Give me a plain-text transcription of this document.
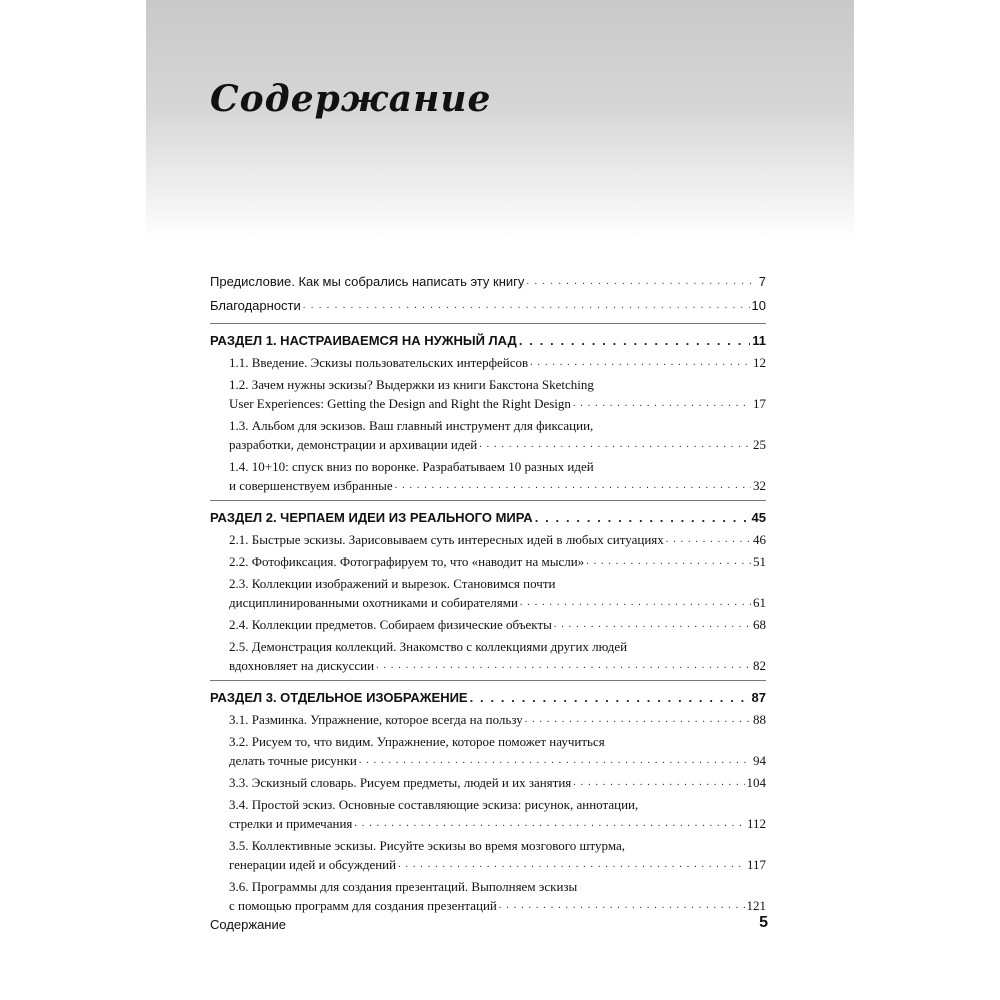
Содержание
Предисловие. Как мы собрались написать эту книгу . . .	7
Благодарности . . .	10
РАЗДЕЛ 1. НАСТРАИВАЕМСЯ НА НУЖНЫЙ ЛАД . . .	11
1.1. Введение. Эскизы пользовательских интерфейсов . . .	12
1.2. Зачем нужны эскизы? Выдержки из книги Бакстона Sketching
User Experiences: Getting the Design and Right the Right Design . . .	17
1.3. Альбом для эскизов. Ваш главный инструмент для фиксации,
разработки, демонстрации и архивации идей . . .	25
1.4. 10+10: спуск вниз по воронке. Разрабатываем 10 разных идей
и совершенствуем избранные . . .	32
РАЗДЕЛ 2. ЧЕРПАЕМ ИДЕИ ИЗ РЕАЛЬНОГО МИРА . . .	45
2.1. Быстрые эскизы. Зарисовываем суть интересных идей в любых ситуациях . . .	46
2.2. Фотофиксация. Фотографируем то, что «наводит на мысли» . . .	51
2.3. Коллекции изображений и вырезок. Становимся почти
дисциплинированными охотниками и собирателями . . .	61
2.4. Коллекции предметов. Собираем физические объекты . . .	68
2.5. Демонстрация коллекций. Знакомство с коллекциями других людей
вдохновляет на дискуссии . . .	82
РАЗДЕЛ 3. ОТДЕЛЬНОЕ ИЗОБРАЖЕНИЕ . . .	87
3.1. Разминка. Упражнение, которое всегда на пользу . . .	88
3.2. Рисуем то, что видим. Упражнение, которое поможет научиться
делать точные рисунки . . .	94
3.3. Эскизный словарь. Рисуем предметы, людей и их занятия . . .	104
3.4. Простой эскиз. Основные составляющие эскиза: рисунок, аннотации,
стрелки и примечания . . .	112
3.5. Коллективные эскизы. Рисуйте эскизы во время мозгового штурма,
генерации идей и обсуждений . . .	117
3.6. Программы для создания презентаций. Выполняем эскизы
с помощью программ для создания презентаций . . .	121
Содержание	5
